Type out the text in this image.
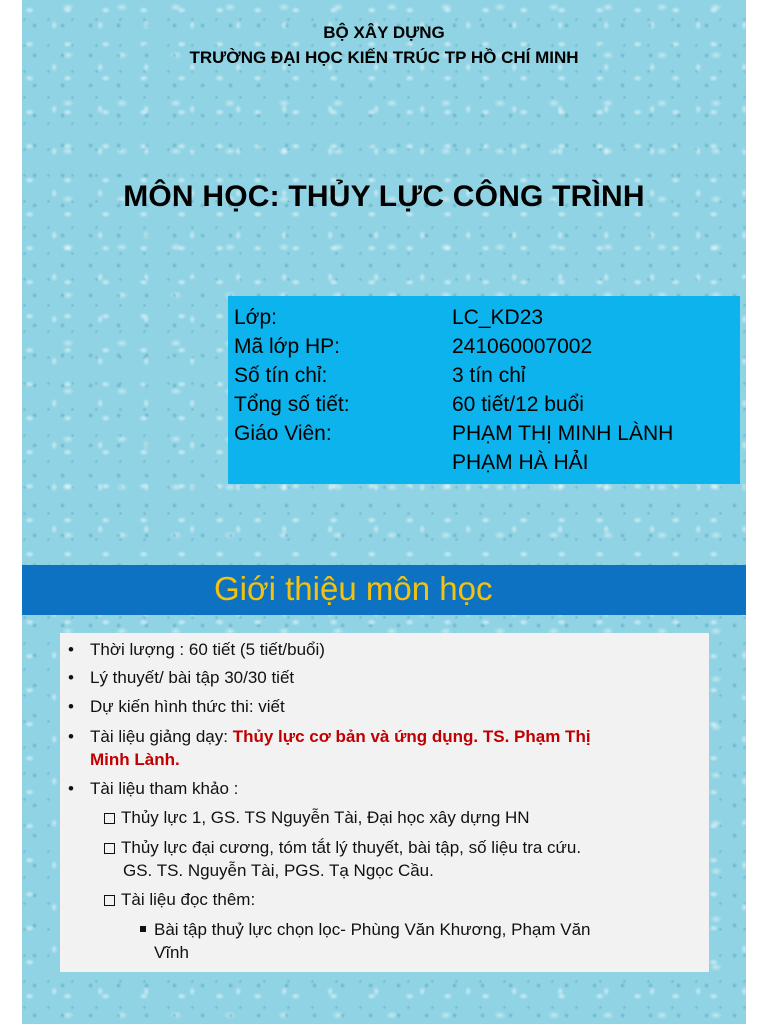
BỘ XÂY DỰNG
TRƯỜNG ĐẠI HỌC KIẾN TRÚC TP HỒ CHÍ MINH
MÔN HỌC: THỦY LỰC CÔNG TRÌNH
Lớp:	LC_KD23
Mã lớp HP:	241060007002
Số tín chỉ:	3 tín chỉ
Tổng số tiết:	60 tiết/12 buổi
Giáo Viên:	PHẠM THỊ MINH LÀNH
PHẠM HÀ HẢI
Giới thiệu môn học
• Thời lượng : 60 tiết (5 tiết/buổi)
• Lý thuyết/ bài tập 30/30 tiết
• Dự kiến hình thức thi: viết
• Tài liệu giảng dạy: Thủy lực cơ bản và ứng dụng. TS. Phạm Thị
Minh Lành.
• Tài liệu tham khảo :
Thủy lực 1, GS. TS Nguyễn Tài, Đại học xây dựng HN
Thủy lực đại cương, tóm tắt lý thuyết, bài tập, số liệu tra cứu.
GS. TS. Nguyễn Tài, PGS. Tạ Ngọc Cầu.
Tài liệu đọc thêm:
Bài tập thuỷ lực chọn lọc- Phùng Văn Khương, Phạm Văn
Vĩnh
